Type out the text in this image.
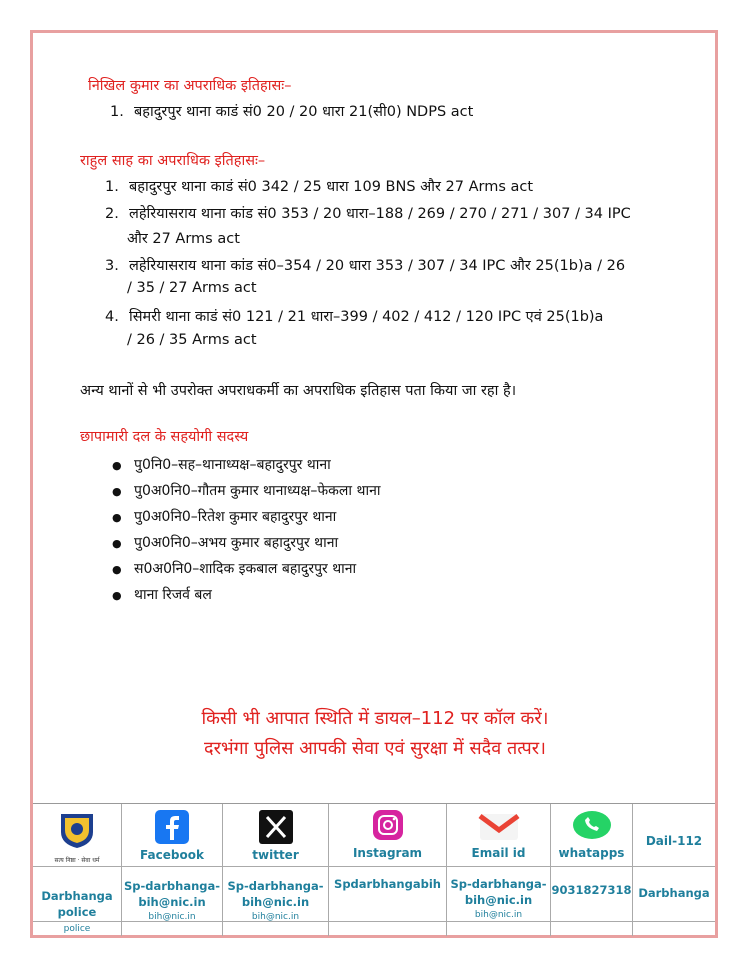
निखिल कुमार का अपराधिक इतिहासः–
1. बहादुरपुर थाना काडं सं0 20 / 20 धारा 21(सी0) NDPS act
राहुल साह का अपराधिक इतिहासः–
1. बहादुरपुर थाना काडं सं0 342 / 25 धारा 109 BNS और 27 Arms act
2. लहेरियासराय थाना कांड सं0 353 / 20 धारा–188 / 269 / 270 / 271 / 307 / 34 IPC
और 27 Arms act
3. लहेरियासराय थाना कांड सं0–354 / 20 धारा 353 / 307 / 34 IPC और 25(1b)a / 26
/ 35 / 27 Arms act
4. सिमरी थाना काडं सं0 121 / 21 धारा–399 / 402 / 412 / 120 IPC एवं 25(1b)a
/ 26 / 35 Arms act
अन्य थानों से भी उपरोक्त अपराधकर्मी का अपराधिक इतिहास पता किया जा रहा है।
छापामारी दल के सहयोगी सदस्य
● पु0नि0–सह–थानाध्यक्ष–बहादुरपुर थाना
● पु0अ0नि0–गौतम कुमार थानाध्यक्ष–फेकला थाना
● पु0अ0नि0–रितेश कुमार बहादुरपुर थाना
● पु0अ0नि0–अभय कुमार बहादुरपुर थाना
● स0अ0नि0–शादिक इकबाल बहादुरपुर थाना
● थाना रिजर्व बल
किसी भी आपात स्थिति में डायल–112 पर कॉल करें।
दरभंगा पुलिस आपकी सेवा एवं सुरक्षा में सदैव तत्पर।
सत्य निष्ठा · सेवा धर्म
Darbhanga police
police
Facebook
Sp-darbhanga-bih@nic.in
bih@nic.in
twitter
Sp-darbhanga-bih@nic.in
bih@nic.in
Instagram
Spdarbhangabih
Email id
Sp-darbhanga-bih@nic.in
bih@nic.in
whatapps
9031827318
Dail-112
Darbhanga
